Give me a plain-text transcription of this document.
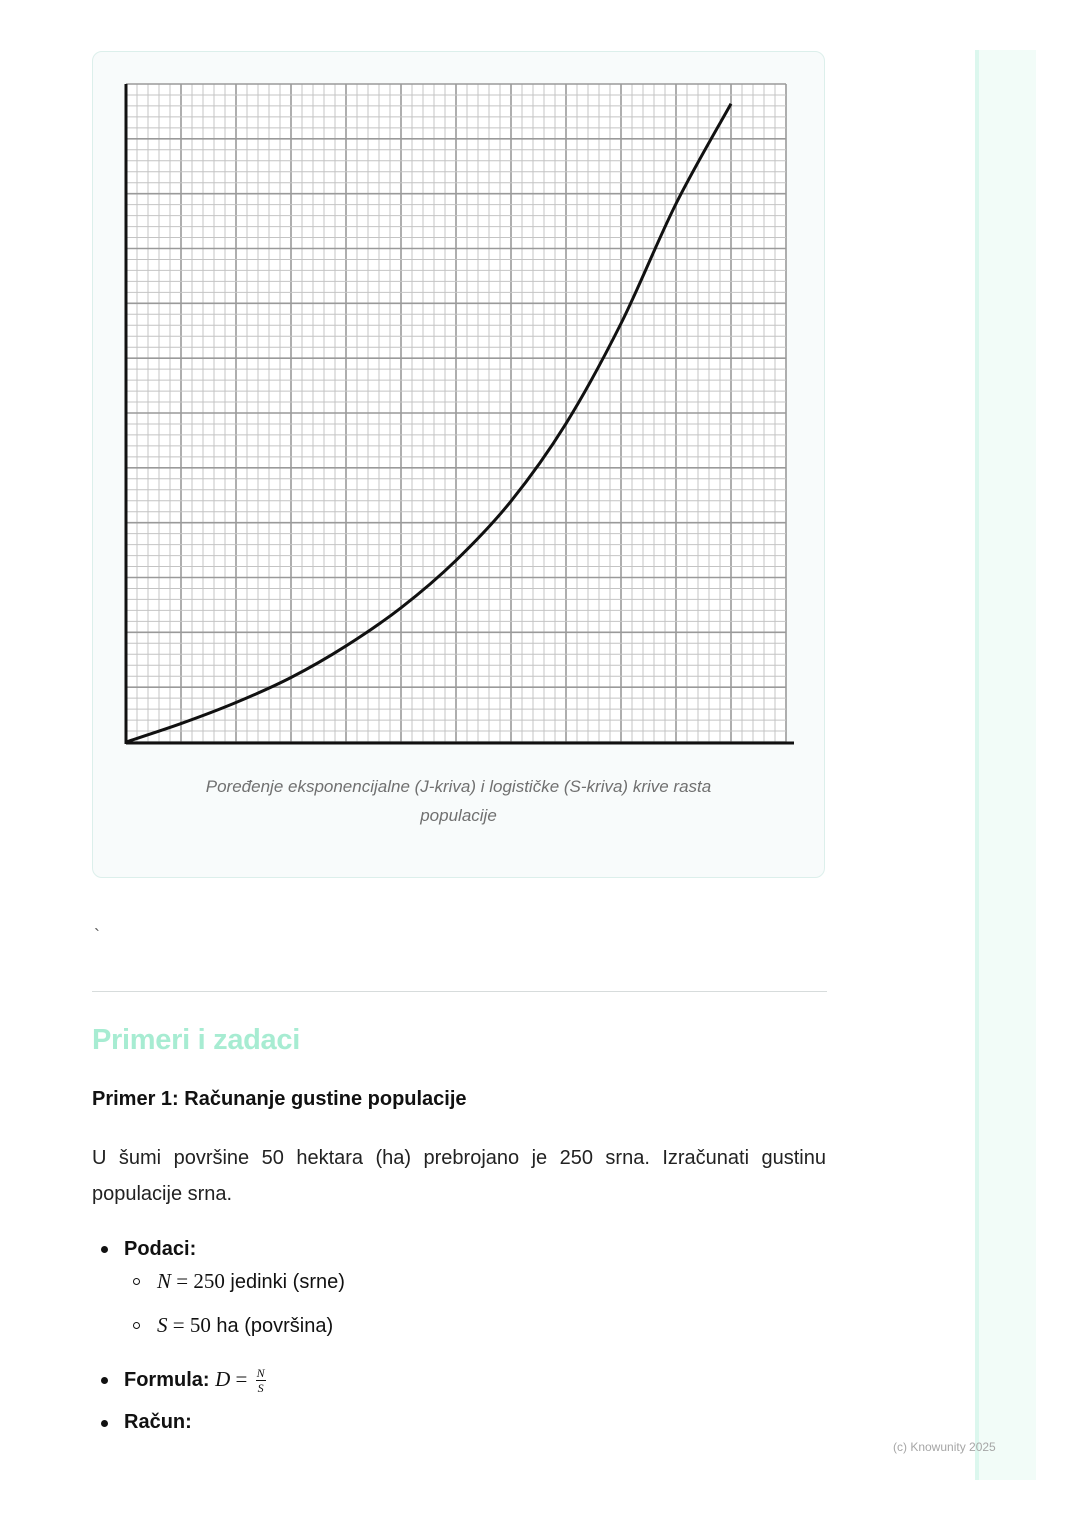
Poređenje eksponencijalne (J-kriva) i logističke (S-kriva) krive rasta
populacije
`
Primeri i zadaci
Primer 1: Računanje gustine populacije

U šumi površine 50 hektara (ha) prebrojano je 250 srna. Izračunati gustinu populacije srna.

Podaci:
N = 250 jedinki (srne)
S = 50 ha (površina)
Formula: $D = \frac{N}{S}$
Račun:
(c) Knowunity 2025
